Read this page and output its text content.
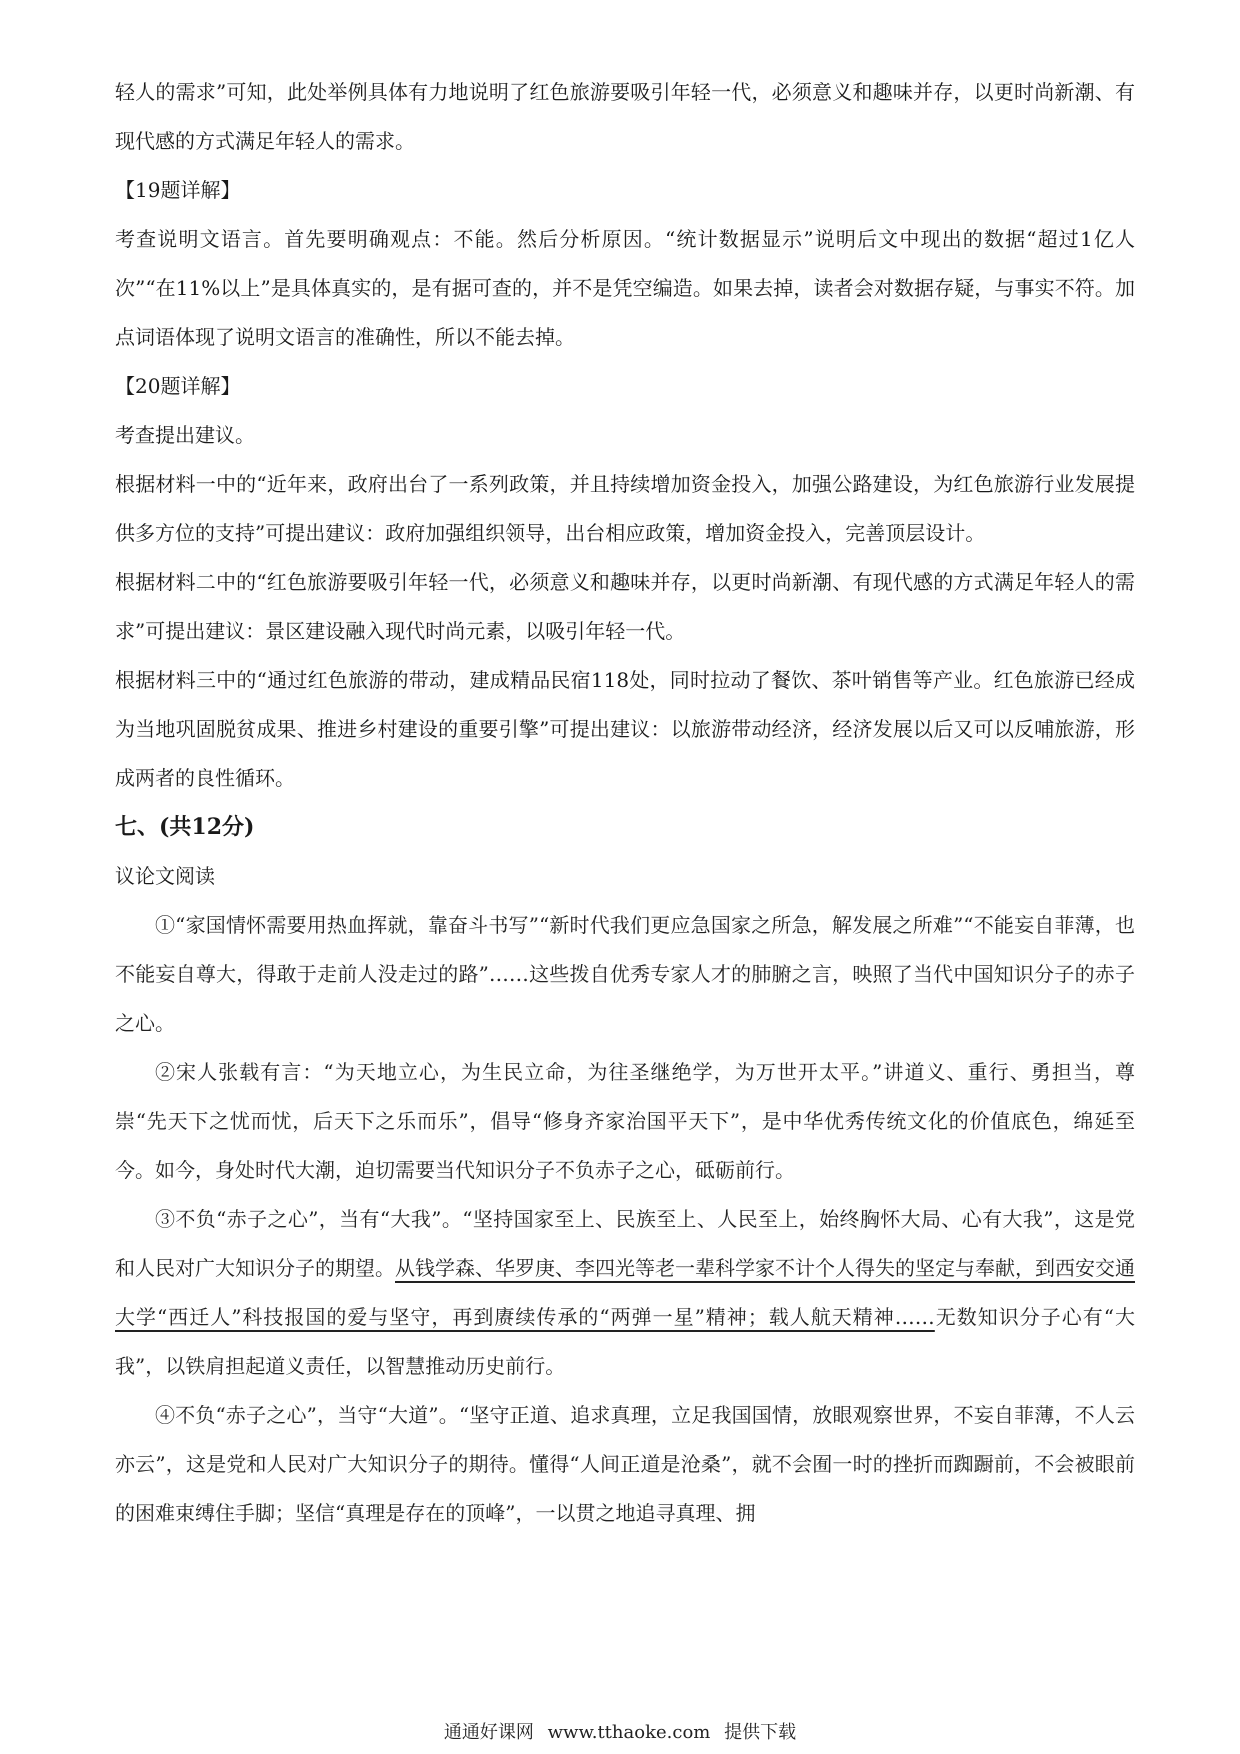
轻人的需求”可知，此处举例具体有力地说明了红色旅游要吸引年轻一代，必须意义和趣味并存，以更时尚新潮、有现代感的方式满足年轻人的需求。

【19题详解】

考查说明文语言。首先要明确观点：不能。然后分析原因。“统计数据显示”说明后文中现出的数据“超过1亿人次”“在11%以上”是具体真实的，是有据可查的，并不是凭空编造。如果去掉，读者会对数据存疑，与事实不符。加点词语体现了说明文语言的准确性，所以不能去掉。

【20题详解】

考查提出建议。

根据材料一中的“近年来，政府出台了一系列政策，并且持续增加资金投入，加强公路建设，为红色旅游行业发展提供多方位的支持”可提出建议：政府加强组织领导，出台相应政策，增加资金投入，完善顶层设计。

根据材料二中的“红色旅游要吸引年轻一代，必须意义和趣味并存，以更时尚新潮、有现代感的方式满足年轻人的需求”可提出建议：景区建设融入现代时尚元素，以吸引年轻一代。

根据材料三中的“通过红色旅游的带动，建成精品民宿118处，同时拉动了餐饮、茶叶销售等产业。红色旅游已经成为当地巩固脱贫成果、推进乡村建设的重要引擎”可提出建议：以旅游带动经济，经济发展以后又可以反哺旅游，形成两者的良性循环。

七、(共12分)

议论文阅读

①“家国情怀需要用热血挥就，靠奋斗书写”“新时代我们更应急国家之所急，解发展之所难”“不能妄自菲薄，也不能妄自尊大，得敢于走前人没走过的路”……这些拨自优秀专家人才的肺腑之言，映照了当代中国知识分子的赤子之心。

②宋人张载有言：“为天地立心，为生民立命，为往圣继绝学，为万世开太平。”讲道义、重行、勇担当，尊崇“先天下之忧而忧，后天下之乐而乐”，倡导“修身齐家治国平天下”，是中华优秀传统文化的价值底色，绵延至今。如今，身处时代大潮，迫切需要当代知识分子不负赤子之心，砥砺前行。

③不负“赤子之心”，当有“大我”。“坚持国家至上、民族至上、人民至上，始终胸怀大局、心有大我”，这是党和人民对广大知识分子的期望。从钱学森、华罗庚、李四光等老一辈科学家不计个人得失的坚定与奉献，到西安交通大学“西迁人”科技报国的爱与坚守，再到赓续传承的“两弹一星”精神；载人航天精神……无数知识分子心有“大我”，以铁肩担起道义责任，以智慧推动历史前行。

④不负“赤子之心”，当守“大道”。“坚守正道、追求真理，立足我国国情，放眼观察世界，不妄自菲薄，不人云亦云”，这是党和人民对广大知识分子的期待。懂得“人间正道是沧桑”，就不会囿一时的挫折而踟蹰前，不会被眼前的困难束缚住手脚；坚信“真理是存在的顶峰”，一以贯之地追寻真理、拥

通通好课网 www.tthaoke.com 提供下载
